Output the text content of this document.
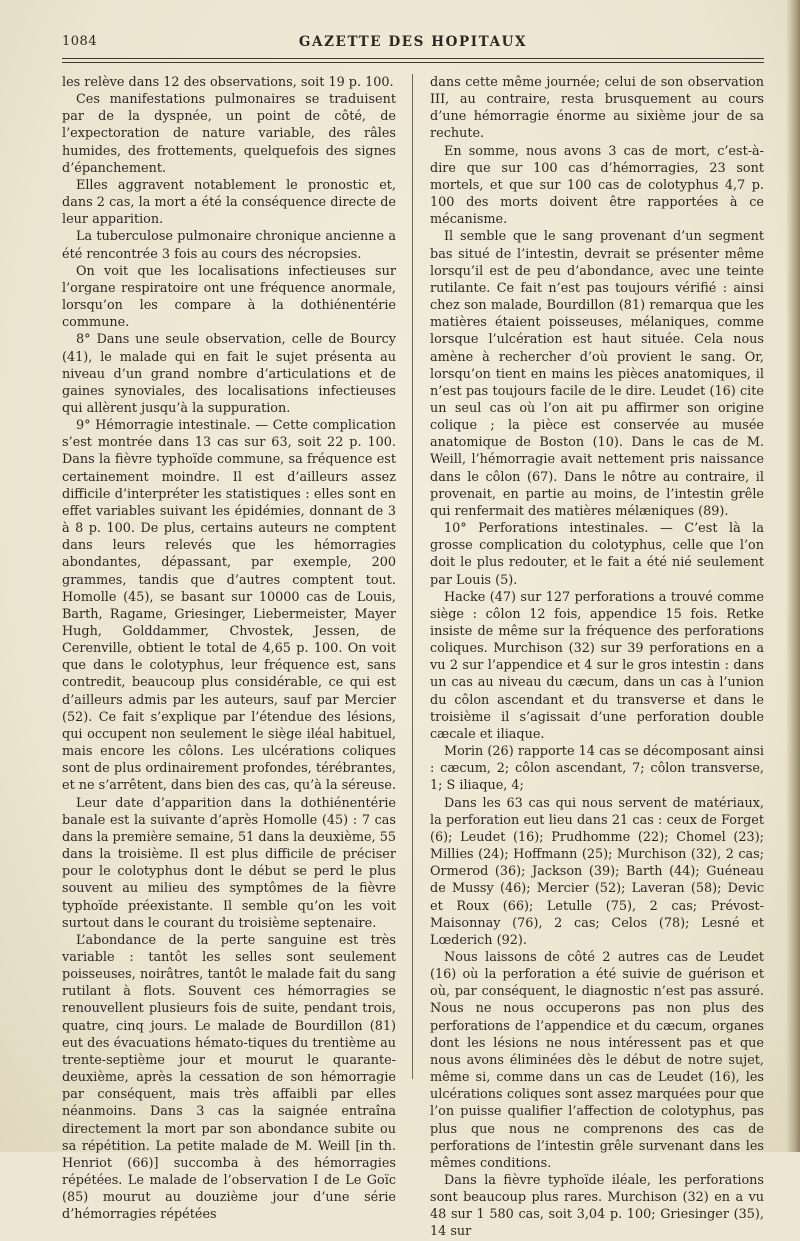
1084	GAZETTE DES HOPITAUX

les relève dans 12 des observations, soit 19 p. 100.

Ces manifestations pulmonaires se traduisent par de la dyspnée, un point de côté, de l’expectoration de nature variable, des râles humides, des frottements, quelquefois des signes d’épanchement.

Elles aggravent notablement le pronostic et, dans 2 cas, la mort a été la conséquence directe de leur apparition.

La tuberculose pulmonaire chronique ancienne a été rencontrée 3 fois au cours des nécropsies.

On voit que les localisations infectieuses sur l’organe respiratoire ont une fréquence anormale, lorsqu’on les compare à la dothiénentérie commune.

8° Dans une seule observation, celle de Bourcy (41), le malade qui en fait le sujet présenta au niveau d’un grand nombre d’articulations et de gaines synoviales, des localisations infectieuses qui allèrent jusqu’à la suppuration.

9° Hémorragie intestinale. — Cette complication s’est montrée dans 13 cas sur 63, soit 22 p. 100. Dans la fièvre typhoïde commune, sa fréquence est certainement moindre. Il est d’ailleurs assez difficile d’interpréter les statistiques : elles sont en effet variables suivant les épidémies, donnant de 3 à 8 p. 100. De plus, certains auteurs ne comptent dans leurs relevés que les hémorragies abondantes, dépassant, par exemple, 200 grammes, tandis que d’autres comptent tout. Homolle (45), se basant sur 10000 cas de Louis, Barth, Ragame, Griesinger, Liebermeister, Mayer Hugh, Golddammer, Chvostek, Jessen, de Cerenville, obtient le total de 4,65 p. 100. On voit que dans le colotyphus, leur fréquence est, sans contredit, beaucoup plus considérable, ce qui est d’ailleurs admis par les auteurs, sauf par Mercier (52). Ce fait s’explique par l’étendue des lésions, qui occupent non seulement le siège iléal habituel, mais encore les côlons. Les ulcérations coliques sont de plus ordinairement profondes, térébrantes, et ne s’arrêtent, dans bien des cas, qu’à la séreuse.

Leur date d’apparition dans la dothiénentérie banale est la suivante d’après Homolle (45) : 7 cas dans la première semaine, 51 dans la deuxième, 55 dans la troisième. Il est plus difficile de préciser pour le colotyphus dont le début se perd le plus souvent au milieu des symptômes de la fièvre typhoïde préexistante. Il semble qu’on les voit surtout dans le courant du troisième septenaire.

L’abondance de la perte sanguine est très variable : tantôt les selles sont seulement poisseuses, noirâtres, tantôt le malade fait du sang rutilant à flots. Souvent ces hémorragies se renouvellent plusieurs fois de suite, pendant trois, quatre, cinq jours. Le malade de Bourdillon (81) eut des évacuations hémato-tiques du trentième au trente-septième jour et mourut le quarante-deuxième, après la cessation de son hémorragie par conséquent, mais très affaibli par elles néanmoins. Dans 3 cas la saignée entraîna directement la mort par son abondance subite ou sa répétition. La petite malade de M. Weill [in th. Henriot (66)] succomba à des hémorragies répétées. Le malade de l’observation I de Le Goïc (85) mourut au douzième jour d’une série d’hémorragies répétées

dans cette même journée; celui de son observation III, au contraire, resta brusquement au cours d’une hémorragie énorme au sixième jour de sa rechute.

En somme, nous avons 3 cas de mort, c’est-à-dire que sur 100 cas d’hémorragies, 23 sont mortels, et que sur 100 cas de colotyphus 4,7 p. 100 des morts doivent être rapportées à ce mécanisme.

Il semble que le sang provenant d’un segment bas situé de l’intestin, devrait se présenter même lorsqu’il est de peu d’abondance, avec une teinte rutilante. Ce fait n’est pas toujours vérifié : ainsi chez son malade, Bourdillon (81) remarqua que les matières étaient poisseuses, mélaniques, comme lorsque l’ulcération est haut située. Cela nous amène à rechercher d’où provient le sang. Or, lorsqu’on tient en mains les pièces anatomiques, il n’est pas toujours facile de le dire. Leudet (16) cite un seul cas où l’on ait pu affirmer son origine colique ; la pièce est conservée au musée anatomique de Boston (10). Dans le cas de M. Weill, l’hémorragie avait nettement pris naissance dans le côlon (67). Dans le nôtre au contraire, il provenait, en partie au moins, de l’intestin grêle qui renfermait des matières mélæniques (89).

10° Perforations intestinales. — C’est là la grosse complication du colotyphus, celle que l’on doit le plus redouter, et le fait a été nié seulement par Louis (5).

Hacke (47) sur 127 perforations a trouvé comme siège : côlon 12 fois, appendice 15 fois. Retke insiste de même sur la fréquence des perforations coliques. Murchison (32) sur 39 perforations en a vu 2 sur l’appendice et 4 sur le gros intestin : dans un cas au niveau du cæcum, dans un cas à l’union du côlon ascendant et du transverse et dans le troisième il s’agissait d’une perforation double cæcale et iliaque.

Morin (26) rapporte 14 cas se décomposant ainsi : cæcum, 2; côlon ascendant, 7; côlon transverse, 1; S iliaque, 4;

Dans les 63 cas qui nous servent de matériaux, la perforation eut lieu dans 21 cas : ceux de Forget (6); Leudet (16); Prudhomme (22); Chomel (23); Millies (24); Hoffmann (25); Murchison (32), 2 cas; Ormerod (36); Jackson (39); Barth (44); Guéneau de Mussy (46); Mercier (52); Laveran (58); Devic et Roux (66); Letulle (75), 2 cas; Prévost-Maisonnay (76), 2 cas; Celos (78); Lesné et Lœderich (92).

Nous laissons de côté 2 autres cas de Leudet (16) où la perforation a été suivie de guérison et où, par conséquent, le diagnostic n’est pas assuré. Nous ne nous occuperons pas non plus des perforations de l’appendice et du cæcum, organes dont les lésions ne nous intéressent pas et que nous avons éliminées dès le début de notre sujet, même si, comme dans un cas de Leudet (16), les ulcérations coliques sont assez marquées pour que l’on puisse qualifier l’affection de colotyphus, pas plus que nous ne comprenons des cas de perforations de l’intestin grêle survenant dans les mêmes conditions.

Dans la fièvre typhoïde iléale, les perforations sont beaucoup plus rares. Murchison (32) en a vu 48 sur 1 580 cas, soit 3,04 p. 100; Griesinger (35), 14 sur
